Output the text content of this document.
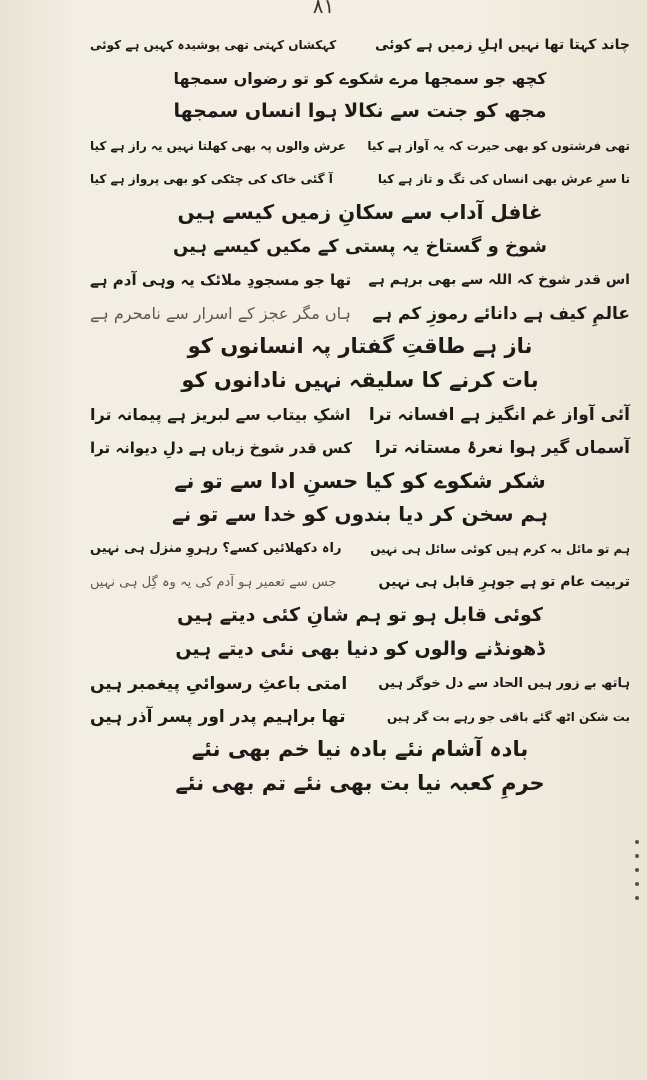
٨١
چاند کہتا تھا نہیں اہلِ زمیں ہے کوئی
کہکشاں کہتی تھی پوشیدہ کہیں ہے کوئی
کچھ جو سمجھا مرے شکوے کو تو رضواں سمجھا
مجھ کو جنت سے نکالا ہوا انساں سمجھا
تھی فرشتوں کو بھی حیرت کہ یہ آواز ہے کیا
عرش والوں پہ بھی کھلتا نہیں یہ راز ہے کیا
تا سرِ عرش بھی انساں کی تگ و تاز ہے کیا
آ گئی خاک کی چٹکی کو بھی پرواز ہے کیا
غافل آداب سے سکانِ زمیں کیسے ہیں
شوخ و گستاخ یہ پستی کے مکیں کیسے ہیں
اس قدر شوخ کہ اللہ سے بھی برہم ہے
تھا جو مسجودِ ملائک یہ وہی آدم ہے
عالمِ کیف ہے دانائے رموزِ کم ہے
ہاں مگر عجز کے اسرار سے نامحرم ہے
ناز ہے طاقتِ گفتار پہ انسانوں کو
بات کرنے کا سلیقہ نہیں نادانوں کو
آئی آواز غم انگیز ہے افسانہ ترا
اشکِ بیتاب سے لبریز ہے پیمانہ ترا
آسماں گیر ہوا نعرۂ مستانہ ترا
کس قدر شوخ زباں ہے دلِ دیوانہ ترا
شکر شکوے کو کیا حسنِ ادا سے تو نے
ہم سخن کر دیا بندوں کو خدا سے تو نے
ہم تو مائل بہ کرم ہیں کوئی سائل ہی نہیں
راہ دکھلائیں کسے؟ رہروِ منزل ہی نہیں
تربیت عام تو ہے جوہرِ قابل ہی نہیں
جس سے تعمیر ہو آدم کی یہ وہ گِل ہی نہیں
کوئی قابل ہو تو ہم شانِ کئی دیتے ہیں
ڈھونڈنے والوں کو دنیا بھی نئی دیتے ہیں
ہاتھ بے زور ہیں الحاد سے دل خوگر ہیں
امتی باعثِ رسوائیِ پیغمبر ہیں
بت شکن اٹھ گئے باقی جو رہے بت گر ہیں
تھا براہیم پدر اور پسر آذر ہیں
بادہ آشام نئے بادہ نیا خم بھی نئے
حرمِ کعبہ نیا بت بھی نئے تم بھی نئے
